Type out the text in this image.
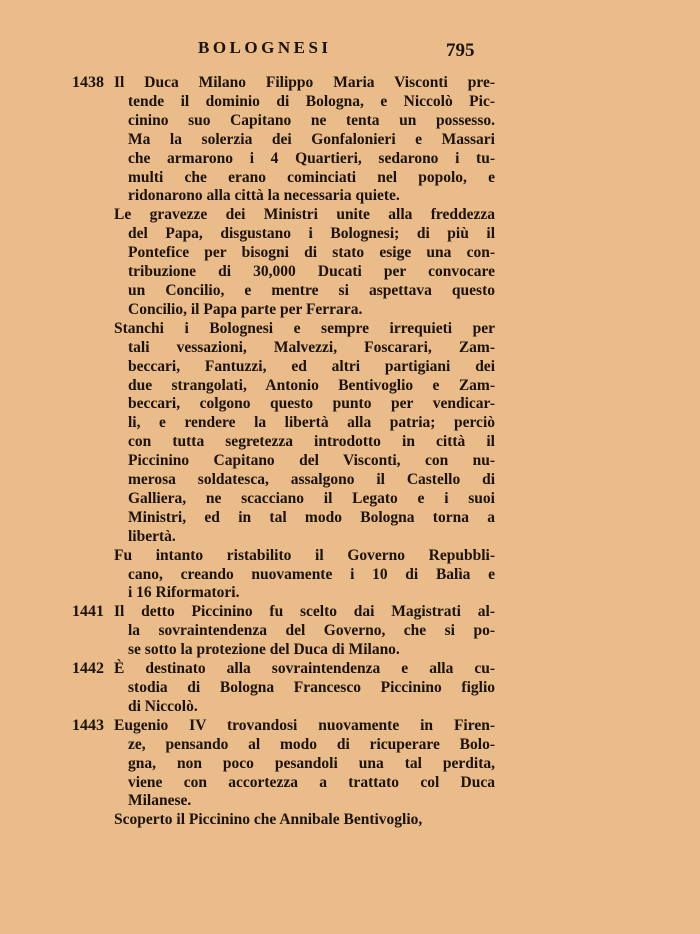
BOLOGNESI	795
1438 Il Duca Milano Filippo Maria Visconti pre-
tende il dominio di Bologna, e Niccolò Pic-
cinino suo Capitano ne tenta un possesso.
Ma la solerzia dei Gonfalonieri e Massari
che armarono i 4 Quartieri, sedarono i tu-
multi che erano cominciati nel popolo, e
ridonarono alla città la necessaria quiete.
Le gravezze dei Ministri unite alla freddezza
del Papa, disgustano i Bolognesi; di più il
Pontefice per bisogni di stato esige una con-
tribuzione di 30,000 Ducati per convocare
un Concilio, e mentre si aspettava questo
Concilio, il Papa parte per Ferrara.
Stanchi i Bolognesi e sempre irrequieti per
tali vessazioni, Malvezzi, Foscarari, Zam-
beccari, Fantuzzi, ed altri partigiani dei
due strangolati, Antonio Bentivoglio e Zam-
beccari, colgono questo punto per vendicar-
li, e rendere la libertà alla patria; perciò
con tutta segretezza introdotto in città il
Piccinino Capitano del Visconti, con nu-
merosa soldatesca, assalgono il Castello di
Galliera, ne scacciano il Legato e i suoi
Ministri, ed in tal modo Bologna torna a
libertà.
Fu intanto ristabilito il Governo Repubbli-
cano, creando nuovamente i 10 di Balìa e
i 16 Riformatori.
1441 Il detto Piccinino fu scelto dai Magistrati al-
la sovraintendenza del Governo, che si po-
se sotto la protezione del Duca di Milano.
1442 È destinato alla sovraintendenza e alla cu-
stodia di Bologna Francesco Piccinino figlio
di Niccolò.
1443 Eugenio IV trovandosi nuovamente in Firen-
ze, pensando al modo di ricuperare Bolo-
gna, non poco pesandoli una tal perdita,
viene con accortezza a trattato col Duca
Milanese.
Scoperto il Piccinino che Annibale Bentivoglio,
